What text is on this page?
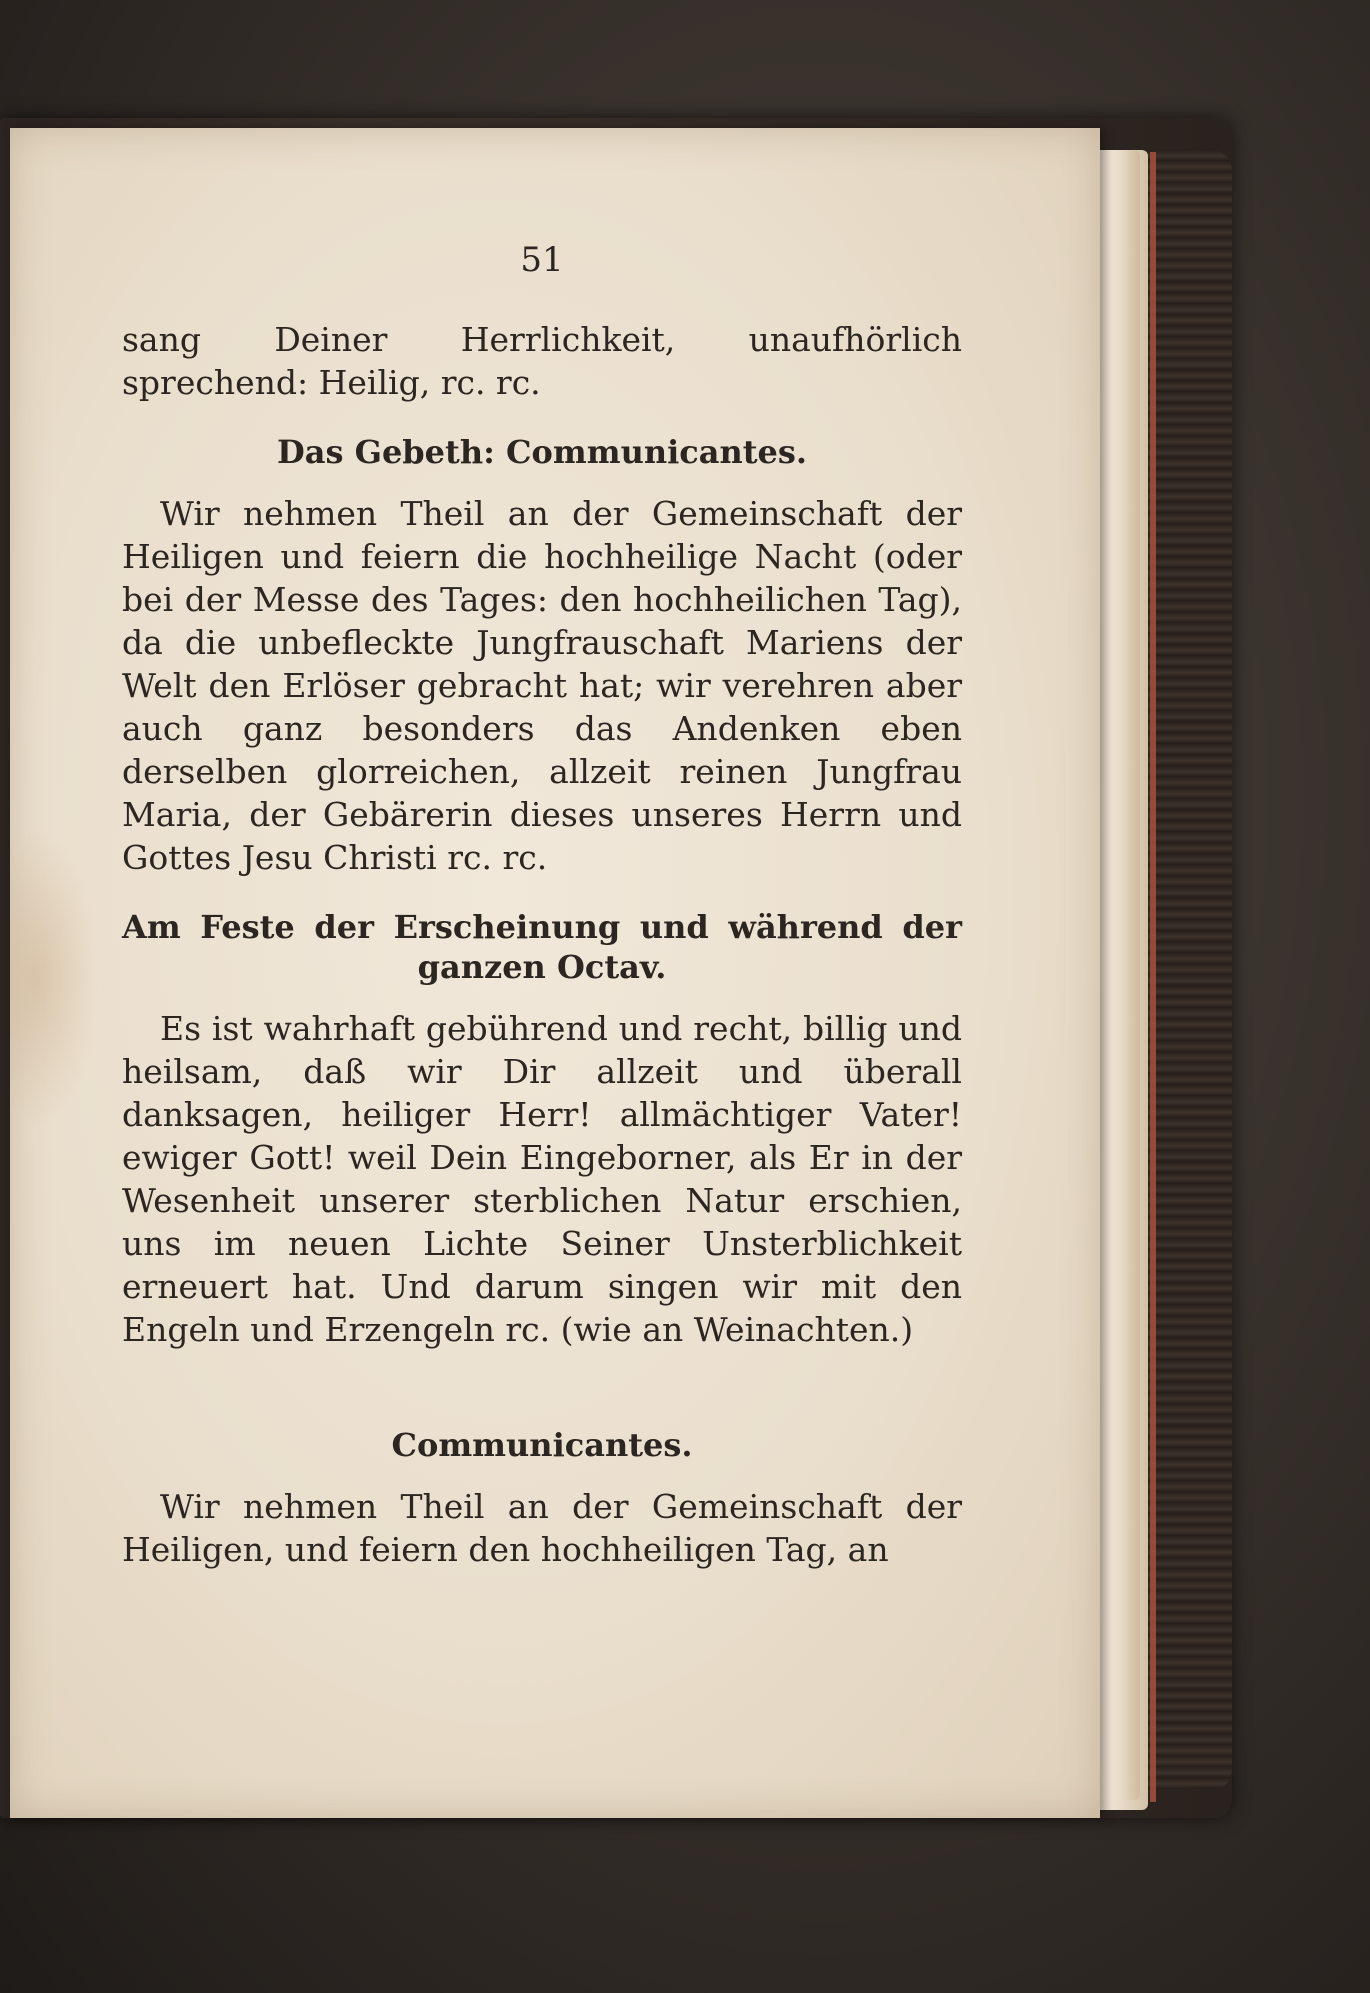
51

sang Deiner Herrlichkeit, unaufhörlich sprechend: Heilig, rc. rc.

Das Gebeth: Communicantes.

Wir nehmen Theil an der Gemeinschaft der Heiligen und feiern die hochheilige Nacht (oder bei der Messe des Tages: den hochheilichen Tag), da die unbefleckte Jungfrauschaft Mariens der Welt den Erlöser gebracht hat; wir verehren aber auch ganz besonders das Andenken eben derselben glorreichen, allzeit reinen Jungfrau Maria, der Gebärerin dieses unseres Herrn und Gottes Jesu Christi rc. rc.

Am Feste der Erscheinung und während der ganzen Octav.

Es ist wahrhaft gebührend und recht, billig und heilsam, daß wir Dir allzeit und überall danksagen, heiliger Herr! allmächtiger Vater! ewiger Gott! weil Dein Eingeborner, als Er in der Wesenheit unserer sterblichen Natur erschien, uns im neuen Lichte Seiner Unsterblichkeit erneuert hat. Und darum singen wir mit den Engeln und Erzengeln rc. (wie an Weinachten.)

Communicantes.

Wir nehmen Theil an der Gemeinschaft der Heiligen, und feiern den hochheiligen Tag, an
